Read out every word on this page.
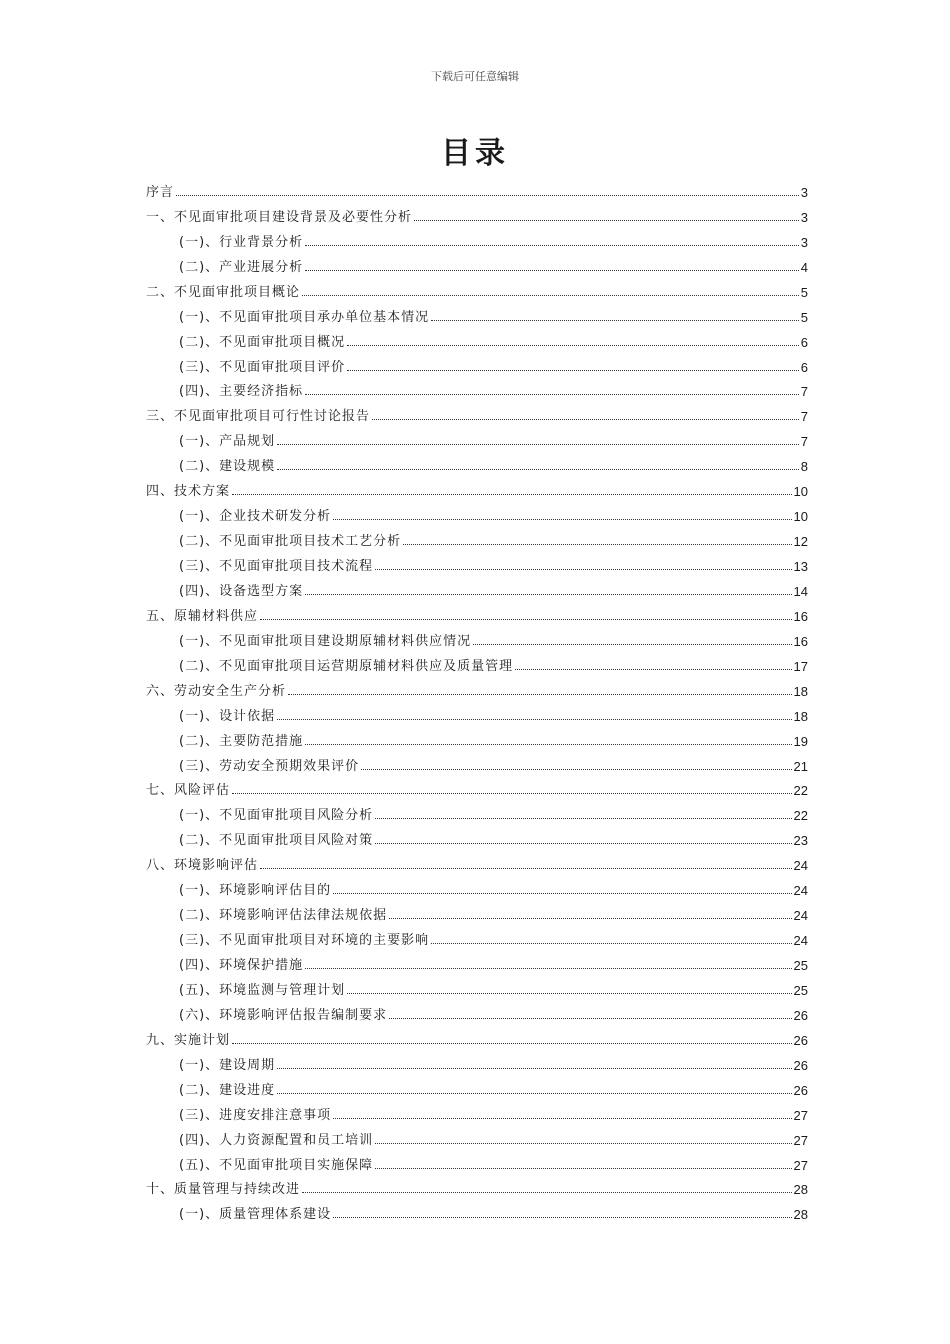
下载后可任意编辑
目录
序言	3
一、不见面审批项目建设背景及必要性分析	3
(一)、行业背景分析	3
(二)、产业进展分析	4
二、不见面审批项目概论	5
(一)、不见面审批项目承办单位基本情况	5
(二)、不见面审批项目概况	6
(三)、不见面审批项目评价	6
(四)、主要经济指标	7
三、不见面审批项目可行性讨论报告	7
(一)、产品规划	7
(二)、建设规模	8
四、技术方案	10
(一)、企业技术研发分析	10
(二)、不见面审批项目技术工艺分析	12
(三)、不见面审批项目技术流程	13
(四)、设备选型方案	14
五、原辅材料供应	16
(一)、不见面审批项目建设期原辅材料供应情况	16
(二)、不见面审批项目运营期原辅材料供应及质量管理	17
六、劳动安全生产分析	18
(一)、设计依据	18
(二)、主要防范措施	19
(三)、劳动安全预期效果评价	21
七、风险评估	22
(一)、不见面审批项目风险分析	22
(二)、不见面审批项目风险对策	23
八、环境影响评估	24
(一)、环境影响评估目的	24
(二)、环境影响评估法律法规依据	24
(三)、不见面审批项目对环境的主要影响	24
(四)、环境保护措施	25
(五)、环境监测与管理计划	25
(六)、环境影响评估报告编制要求	26
九、实施计划	26
(一)、建设周期	26
(二)、建设进度	26
(三)、进度安排注意事项	27
(四)、人力资源配置和员工培训	27
(五)、不见面审批项目实施保障	27
十、质量管理与持续改进	28
(一)、质量管理体系建设	28
